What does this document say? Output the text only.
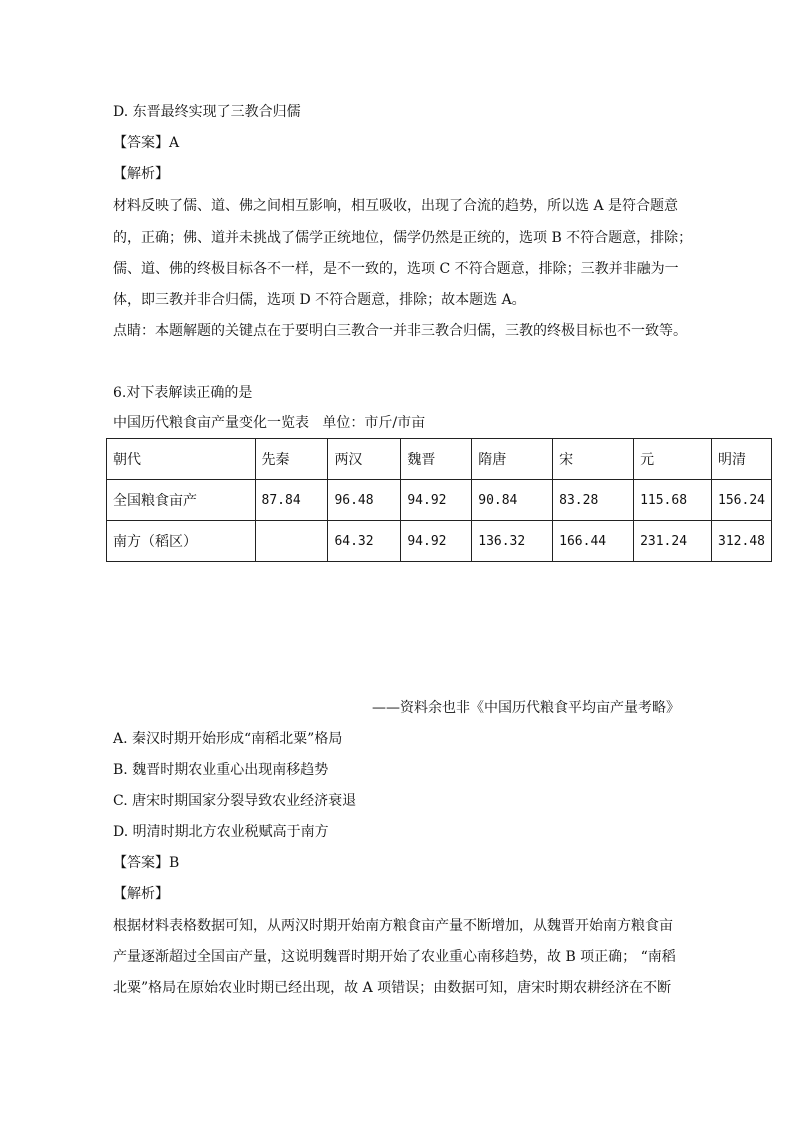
D. 东晋最终实现了三教合归儒
【答案】A
【解析】
材料反映了儒、道、佛之间相互影响，相互吸收，出现了合流的趋势，所以选 A 是符合题意
的，正确；佛、道并未挑战了儒学正统地位，儒学仍然是正统的，选项 B 不符合题意，排除；
儒、道、佛的终极目标各不一样，是不一致的，选项 C 不符合题意，排除；三教并非融为一
体，即三教并非合归儒，选项 D 不符合题意，排除；故本题选 A。
点睛：本题解题的关键点在于要明白三教合一并非三教合归儒，三教的终极目标也不一致等。
6.对下表解读正确的是
中国历代粮食亩产量变化一览表   单位：市斤/市亩
朝代	先秦	两汉	魏晋	隋唐	宋	元	明清
全国粮食亩产	87.84	96.48	94.92	90.84	83.28	115.68	156.24
南方（稻区）		64.32	94.92	136.32	166.44	231.24	312.48
——资料余也非《中国历代粮食平均亩产量考略》
A. 秦汉时期开始形成“南稻北粟”格局
B. 魏晋时期农业重心出现南移趋势
C. 唐宋时期国家分裂导致农业经济衰退
D. 明清时期北方农业税赋高于南方
【答案】B
【解析】
根据材料表格数据可知，从两汉时期开始南方粮食亩产量不断增加，从魏晋开始南方粮食亩
产量逐渐超过全国亩产量，这说明魏晋时期开始了农业重心南移趋势，故 B 项正确； “南稻
北粟”格局在原始农业时期已经出现，故 A 项错误；由数据可知，唐宋时期农耕经济在不断
